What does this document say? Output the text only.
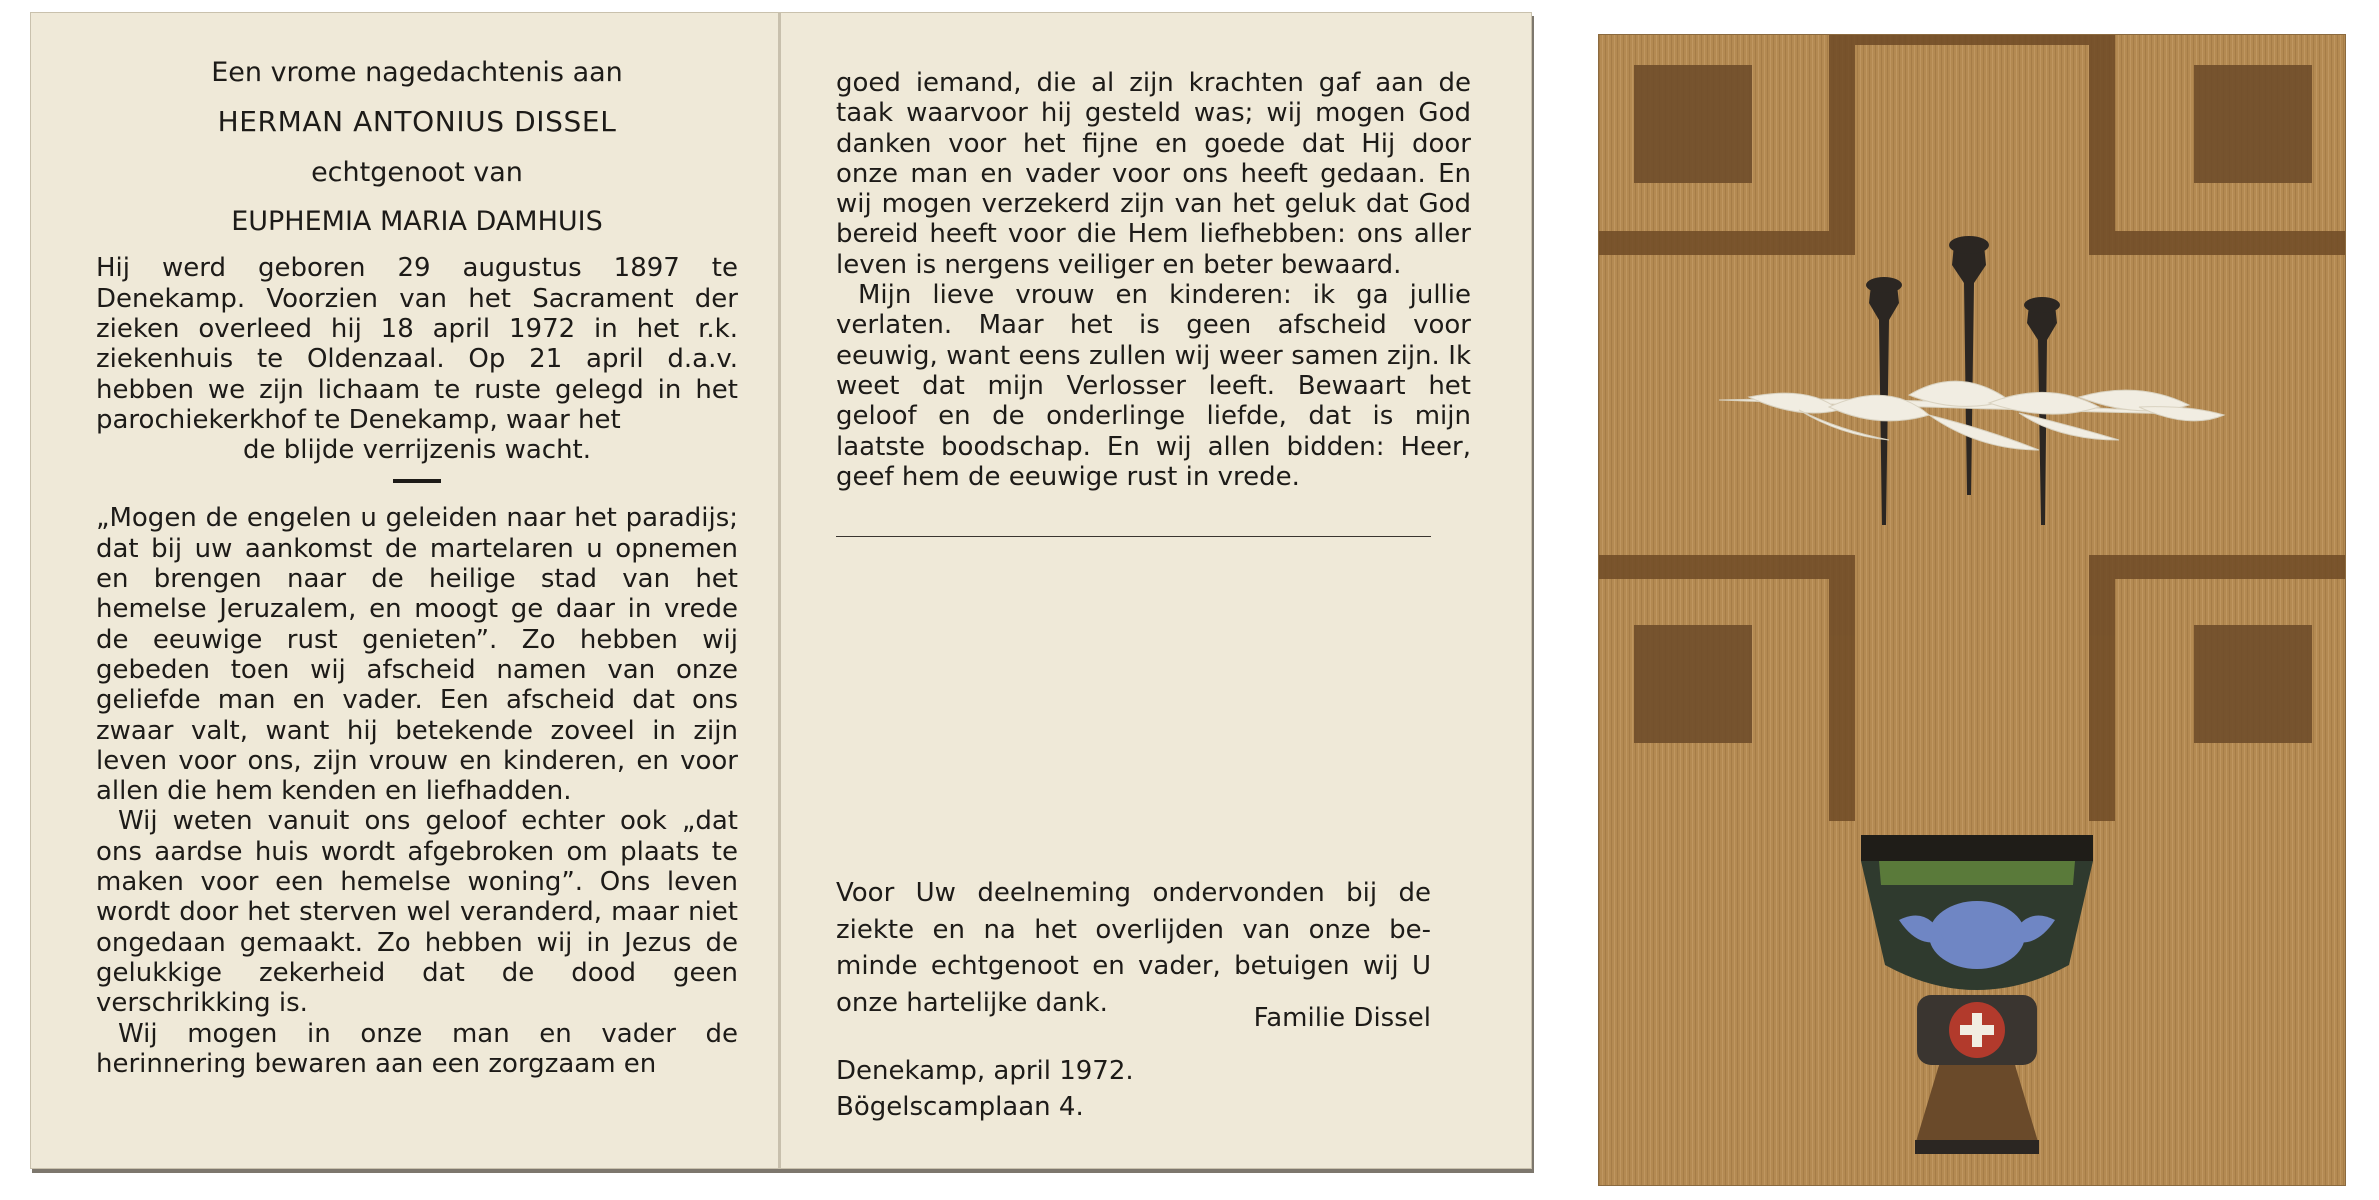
Een vrome nagedachtenis aan
HERMAN ANTONIUS DISSEL
echtgenoot van
EUPHEMIA MARIA DAMHUIS

Hij werd geboren 29 augustus 1897 te Denekamp. Voorzien van het Sacrament der zieken overleed hij 18 april 1972 in het r.k. ziekenhuis te Oldenzaal. Op 21 april d.a.v. hebben we zijn lichaam te ruste gelegd in het parochiekerkhof te Denekamp, waar het

de blijde verrijzenis wacht.

„Mogen de engelen u geleiden naar het paradijs; dat bij uw aankomst de martelaren u opnemen en brengen naar de heilige stad van het hemelse Jeruzalem, en moogt ge daar in vrede de eeuwige rust genieten”. Zo hebben wij gebeden toen wij afscheid namen van onze geliefde man en vader. Een afscheid dat ons zwaar valt, want hij betekende zoveel in zijn leven voor ons, zijn vrouw en kinderen, en voor allen die hem kenden en liefhadden.

Wij weten vanuit ons geloof echter ook „dat ons aardse huis wordt afgebroken om plaats te maken voor een hemelse woning”. Ons leven wordt door het sterven wel veranderd, maar niet ongedaan gemaakt. Zo hebben wij in Jezus de gelukkige zekerheid dat de dood geen verschrikking is.

Wij mogen in onze man en vader de herinnering bewaren aan een zorgzaam en

goed iemand, die al zijn krachten gaf aan de taak waarvoor hij gesteld was; wij mogen God danken voor het fijne en goede dat Hij door onze man en vader voor ons heeft gedaan. En wij mogen verzekerd zijn van het geluk dat God bereid heeft voor die Hem liefhebben: ons aller leven is nergens veiliger en beter bewaard.

Mijn lieve vrouw en kinderen: ik ga jullie verlaten. Maar het is geen afscheid voor eeuwig, want eens zullen wij weer samen zijn. Ik weet dat mijn Verlosser leeft. Bewaart het geloof en de onderlinge liefde, dat is mijn laatste boodschap. En wij allen bidden: Heer, geef hem de eeuwige rust in vrede.

Voor Uw deelneming ondervonden bij de ziekte en na het overlijden van onze beminde echtgenoot en vader, betuigen wij U onze hartelijke dank.

Familie Dissel
Denekamp, april 1972.
Bögelscamplaan 4.
